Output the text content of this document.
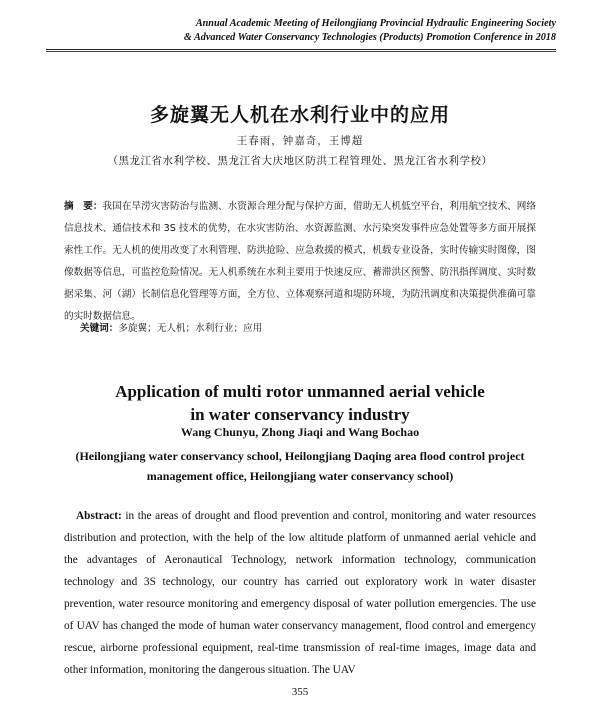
Annual Academic Meeting of Heilongjiang Provincial Hydraulic Engineering Society
& Advanced Water Conservancy Technologies (Products) Promotion Conference in 2018
多旋翼无人机在水利行业中的应用
王春雨，钟嘉奇，王博超
（黑龙江省水利学校、黑龙江省大庆地区防洪工程管理处、黑龙江省水利学校）
摘　要：我国在旱涝灾害防治与监测、水资源合理分配与保护方面，借助无人机低空平台，利用航空技术、网络信息技术、通信技术和 3S 技术的优势，在水灾害防治、水资源监测、水污染突发事件应急处置等多方面开展探索性工作。无人机的使用改变了水利管理、防洪抢险、应急救援的模式，机载专业设备，实时传输实时图像，图像数据等信息，可监控危险情况。无人机系统在水利主要用于快速反应、蓄滞洪区预警、防汛指挥调度、实时数据采集、河（湖）长制信息化管理等方面，全方位、立体观察河道和堤防环境，为防汛调度和决策提供准确可靠的实时数据信息。
关键词：多旋翼；无人机；水利行业；应用
Application of multi rotor unmanned aerial vehicle
in water conservancy industry
Wang Chunyu, Zhong Jiaqi and Wang Bochao
(Heilongjiang water conservancy school, Heilongjiang Daqing area flood control project management office, Heilongjiang water conservancy school)
Abstract: in the areas of drought and flood prevention and control, monitoring and water resources distribution and protection, with the help of the low altitude platform of unmanned aerial vehicle and the advantages of Aeronautical Technology, network information technology, communication technology and 3S technology, our country has carried out exploratory work in water disaster prevention, water resource monitoring and emergency disposal of water pollution emergencies. The use of UAV has changed the mode of human water conservancy management, flood control and emergency rescue, airborne professional equipment, real-time transmission of real-time images, image data and other information, monitoring the dangerous situation. The UAV
355
